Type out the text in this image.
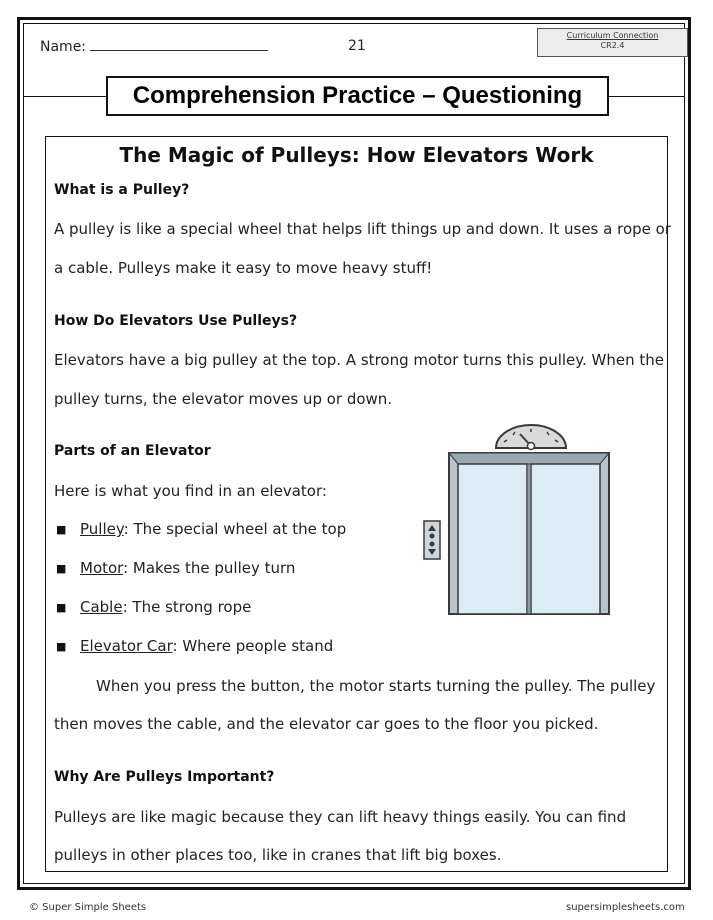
Name:	21
Curriculum Connection
CR2.4
Comprehension Practice – Questioning
The Magic of Pulleys: How Elevators Work
What is a Pulley?
A pulley is like a special wheel that helps lift things up and down. It uses a rope or
a cable. Pulleys make it easy to move heavy stuff!
How Do Elevators Use Pulleys?
Elevators have a big pulley at the top. A strong motor turns this pulley. When the
pulley turns, the elevator moves up or down.
Parts of an Elevator
Here is what you find in an elevator:
■ Pulley: The special wheel at the top
■ Motor: Makes the pulley turn
■ Cable: The strong rope
■ Elevator Car: Where people stand
When you press the button, the motor starts turning the pulley. The pulley
then moves the cable, and the elevator car goes to the floor you picked.
Why Are Pulleys Important?
Pulleys are like magic because they can lift heavy things easily. You can find
pulleys in other places too, like in cranes that lift big boxes.
© Super Simple Sheets	supersimplesheets.com
